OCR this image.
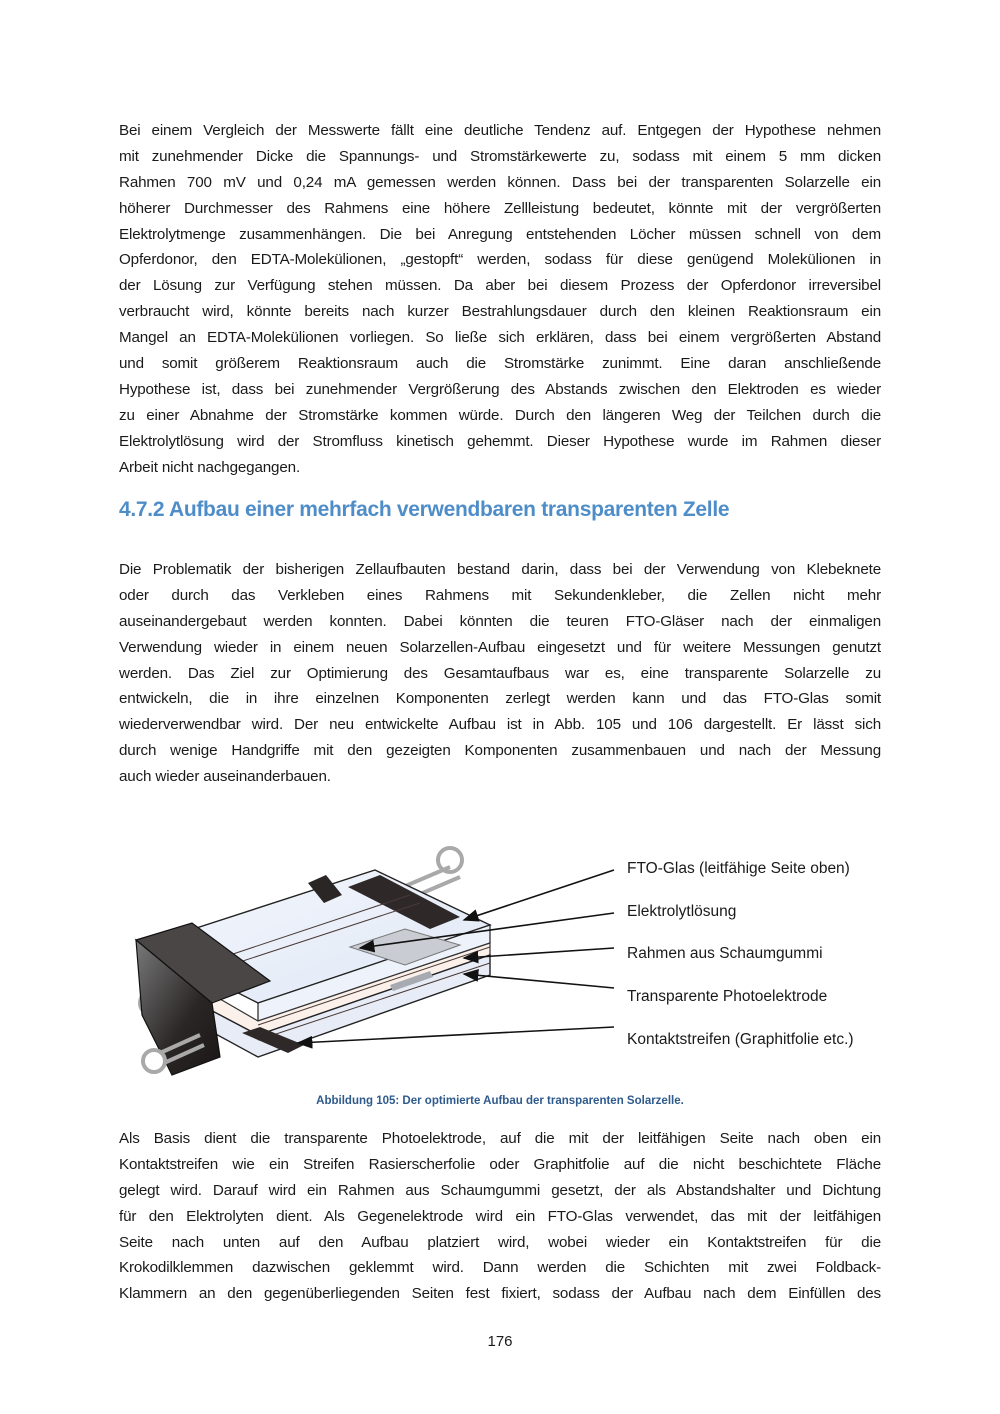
Bei einem Vergleich der Messwerte fällt eine deutliche Tendenz auf. Entgegen der Hypothese nehmen
mit zunehmender Dicke die Spannungs- und Stromstärkewerte zu, sodass mit einem 5 mm dicken
Rahmen 700 mV und 0,24 mA gemessen werden können. Dass bei der transparenten Solarzelle ein
höherer Durchmesser des Rahmens eine höhere Zellleistung bedeutet, könnte mit der vergrößerten
Elektrolytmenge zusammenhängen. Die bei Anregung entstehenden Löcher müssen schnell von dem
Opferdonor, den EDTA-Molekülionen, „gestopft“ werden, sodass für diese genügend Molekülionen in
der Lösung zur Verfügung stehen müssen. Da aber bei diesem Prozess der Opferdonor irreversibel
verbraucht wird, könnte bereits nach kurzer Bestrahlungsdauer durch den kleinen Reaktionsraum ein
Mangel an EDTA-Molekülionen vorliegen. So ließe sich erklären, dass bei einem vergrößerten Abstand
und somit größerem Reaktionsraum auch die Stromstärke zunimmt. Eine daran anschließende
Hypothese ist, dass bei zunehmender Vergrößerung des Abstands zwischen den Elektroden es wieder
zu einer Abnahme der Stromstärke kommen würde. Durch den längeren Weg der Teilchen durch die
Elektrolytlösung wird der Stromfluss kinetisch gehemmt. Dieser Hypothese wurde im Rahmen dieser
Arbeit nicht nachgegangen.
4.7.2 Aufbau einer mehrfach verwendbaren transparenten Zelle
Die Problematik der bisherigen Zellaufbauten bestand darin, dass bei der Verwendung von Klebeknete
oder durch das Verkleben eines Rahmens mit Sekundenkleber, die Zellen nicht mehr
auseinandergebaut werden konnten. Dabei könnten die teuren FTO-Gläser nach der einmaligen
Verwendung wieder in einem neuen Solarzellen-Aufbau eingesetzt und für weitere Messungen genutzt
werden. Das Ziel zur Optimierung des Gesamtaufbaus war es, eine transparente Solarzelle zu
entwickeln, die in ihre einzelnen Komponenten zerlegt werden kann und das FTO-Glas somit
wiederverwendbar wird. Der neu entwickelte Aufbau ist in Abb. 105 und 106 dargestellt. Er lässt sich
durch wenige Handgriffe mit den gezeigten Komponenten zusammenbauen und nach der Messung
auch wieder auseinanderbauen.
FTO-Glas (leitfähige Seite oben)
Elektrolytlösung
Rahmen aus Schaumgummi
Transparente Photoelektrode
Kontaktstreifen (Graphitfolie etc.)
Abbildung 105: Der optimierte Aufbau der transparenten Solarzelle.
Als Basis dient die transparente Photoelektrode, auf die mit der leitfähigen Seite nach oben ein
Kontaktstreifen wie ein Streifen Rasierscherfolie oder Graphitfolie auf die nicht beschichtete Fläche
gelegt wird. Darauf wird ein Rahmen aus Schaumgummi gesetzt, der als Abstandshalter und Dichtung
für den Elektrolyten dient. Als Gegenelektrode wird ein FTO-Glas verwendet, das mit der leitfähigen
Seite nach unten auf den Aufbau platziert wird, wobei wieder ein Kontaktstreifen für die
Krokodilklemmen dazwischen geklemmt wird. Dann werden die Schichten mit zwei Foldback-
Klammern an den gegenüberliegenden Seiten fest fixiert, sodass der Aufbau nach dem Einfüllen des
176
